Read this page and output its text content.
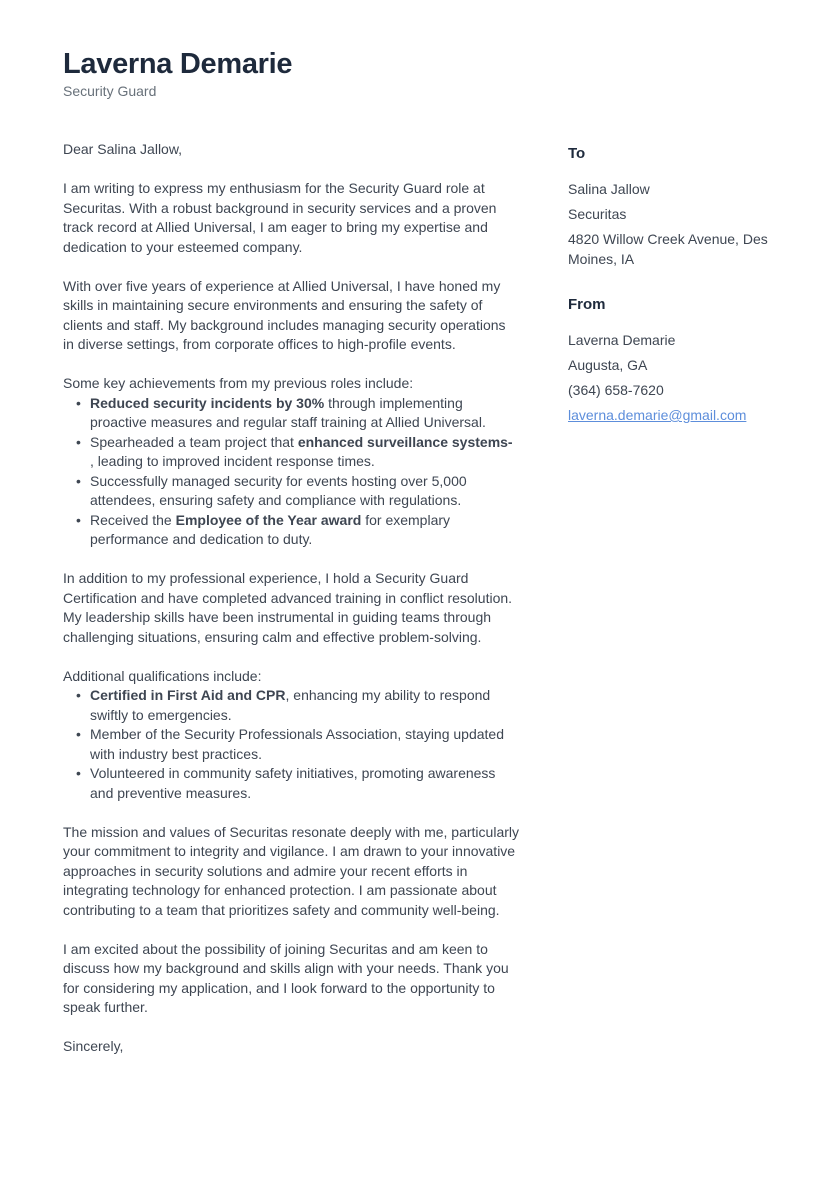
Laverna Demarie
Security Guard

Dear Salina Jallow,

I am writing to express my enthusiasm for the Security Guard role at Securitas. With a robust background in security services and a proven track record at Allied Universal, I am eager to bring my expertise and dedication to your esteemed company.

With over five years of experience at Allied Universal, I have honed my skills in maintaining secure environments and ensuring the safety of clients and staff. My background includes managing security operations in diverse settings, from corporate offices to high-profile events.

Some key achievements from my previous roles include:

• Reduced security incidents by 30% through implementing proactive measures and regular staff training at Allied Universal.
• Spearheaded a team project that enhanced surveillance systems-
, leading to improved incident response times.
• Successfully managed security for events hosting over 5,000 attendees, ensuring safety and compliance with regulations.
• Received the Employee of the Year award for exemplary performance and dedication to duty.

In addition to my professional experience, I hold a Security Guard Certification and have completed advanced training in conflict resolution. My leadership skills have been instrumental in guiding teams through challenging situations, ensuring calm and effective problem-solving.

Additional qualifications include:

• Certified in First Aid and CPR, enhancing my ability to respond swiftly to emergencies.
• Member of the Security Professionals Association, staying updated with industry best practices.
• Volunteered in community safety initiatives, promoting awareness and preventive measures.

The mission and values of Securitas resonate deeply with me, particularly your commitment to integrity and vigilance. I am drawn to your innovative approaches in security solutions and admire your recent efforts in integrating technology for enhanced protection. I am passionate about contributing to a team that prioritizes safety and community well-being.

I am excited about the possibility of joining Securitas and am keen to discuss how my background and skills align with your needs. Thank you for considering my application, and I look forward to the opportunity to speak further.

Sincerely,

To
Salina Jallow
Securitas
4820 Willow Creek Avenue, Des Moines, IA
From
Laverna Demarie
Augusta, GA
(364) 658-7620
laverna.demarie@gmail.com
